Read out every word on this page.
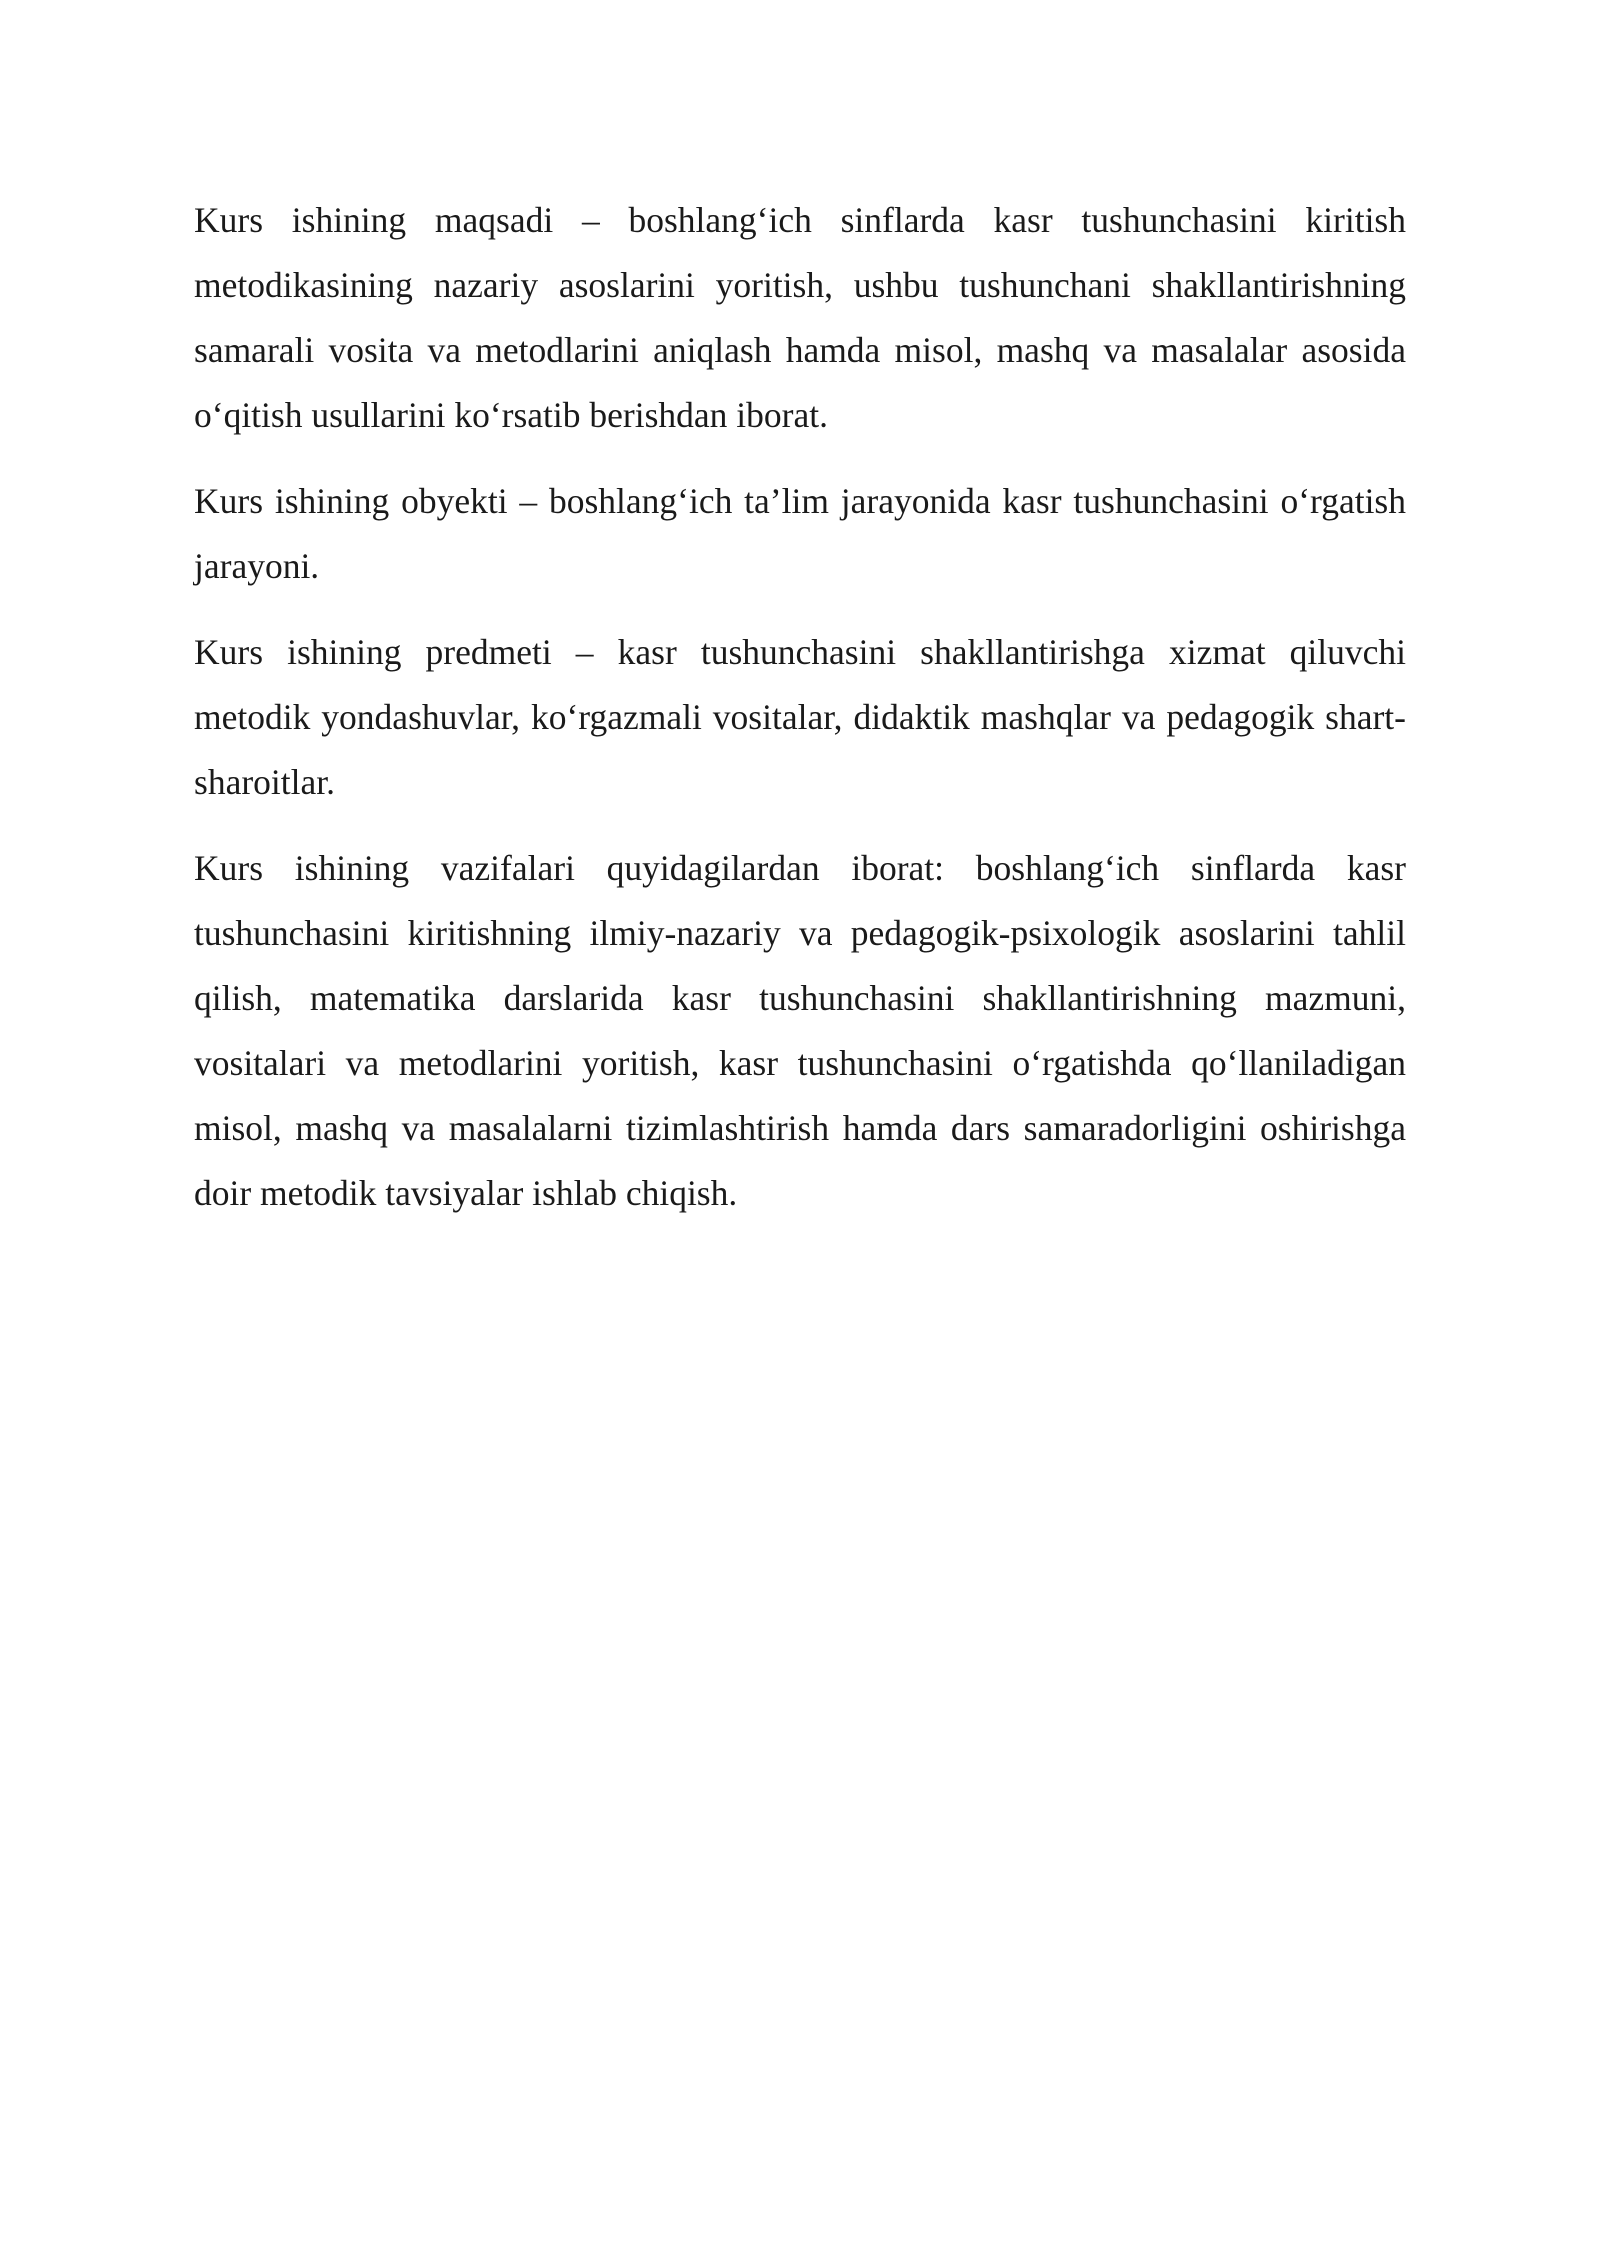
Kurs ishining maqsadi – boshlang‘ich sinflarda kasr tushunchasini kiritish metodikasining nazariy asoslarini yoritish, ushbu tushunchani shakllantirishning samarali vosita va metodlarini aniqlash hamda misol, mashq va masalalar asosida o‘qitish usullarini ko‘rsatib berishdan iborat.

Kurs ishining obyekti – boshlang‘ich ta’lim jarayonida kasr tushunchasini o‘rgatish jarayoni.

Kurs ishining predmeti – kasr tushunchasini shakllantirishga xizmat qiluvchi metodik yondashuvlar, ko‘rgazmali vositalar, didaktik mashqlar va pedagogik shart-sharoitlar.

Kurs ishining vazifalari quyidagilardan iborat: boshlang‘ich sinflarda kasr tushunchasini kiritishning ilmiy-nazariy va pedagogik-psixologik asoslarini tahlil qilish, matematika darslarida kasr tushunchasini shakllantirishning mazmuni, vositalari va metodlarini yoritish, kasr tushunchasini o‘rgatishda qo‘llaniladigan misol, mashq va masalalarni tizimlashtirish hamda dars samaradorligini oshirishga doir metodik tavsiyalar ishlab chiqish.
